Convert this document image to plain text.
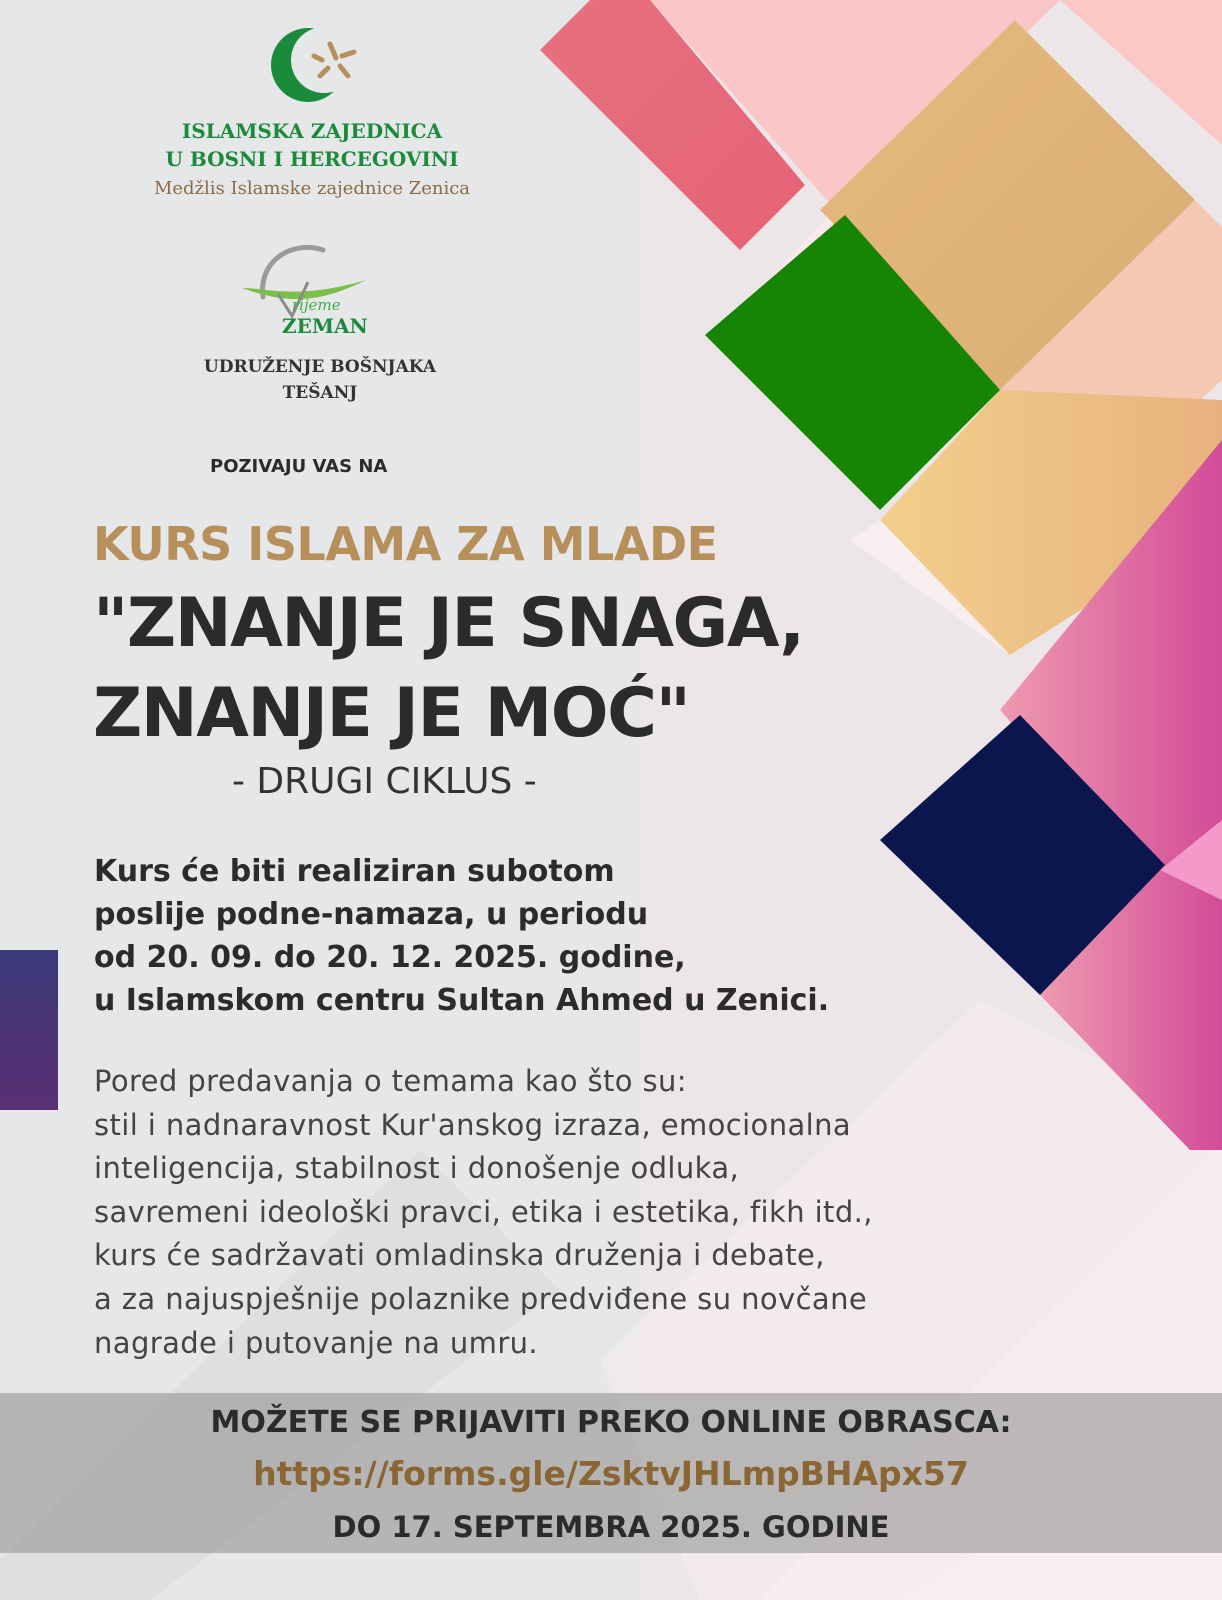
ISLAMSKA ZAJEDNICA
U BOSNI I HERCEGOVINI
Medžlis Islamske zajednice Zenica
rijeme
ZEMAN
UDRUŽENJE BOŠNJAKA
TEŠANJ
POZIVAJU VAS NA
KURS ISLAMA ZA MLADE
"ZNANJE JE SNAGA,
ZNANJE JE MOĆ"
- DRUGI CIKLUS -
Kurs će biti realiziran subotom
poslije podne-namaza, u periodu
od 20. 09. do 20. 12. 2025. godine,
u Islamskom centru Sultan Ahmed u Zenici.
Pored predavanja o temama kao što su:
stil i nadnaravnost Kur'anskog izraza, emocionalna
inteligencija, stabilnost i donošenje odluka,
savremeni ideološki pravci, etika i estetika, fikh itd.,
kurs će sadržavati omladinska druženja i debate,
a za najuspješnije polaznike predviđene su novčane
nagrade i putovanje na umru.
MOŽETE SE PRIJAVITI PREKO ONLINE OBRASCA:
https://forms.gle/ZsktvJHLmpBHApx57
DO 17. SEPTEMBRA 2025. GODINE
